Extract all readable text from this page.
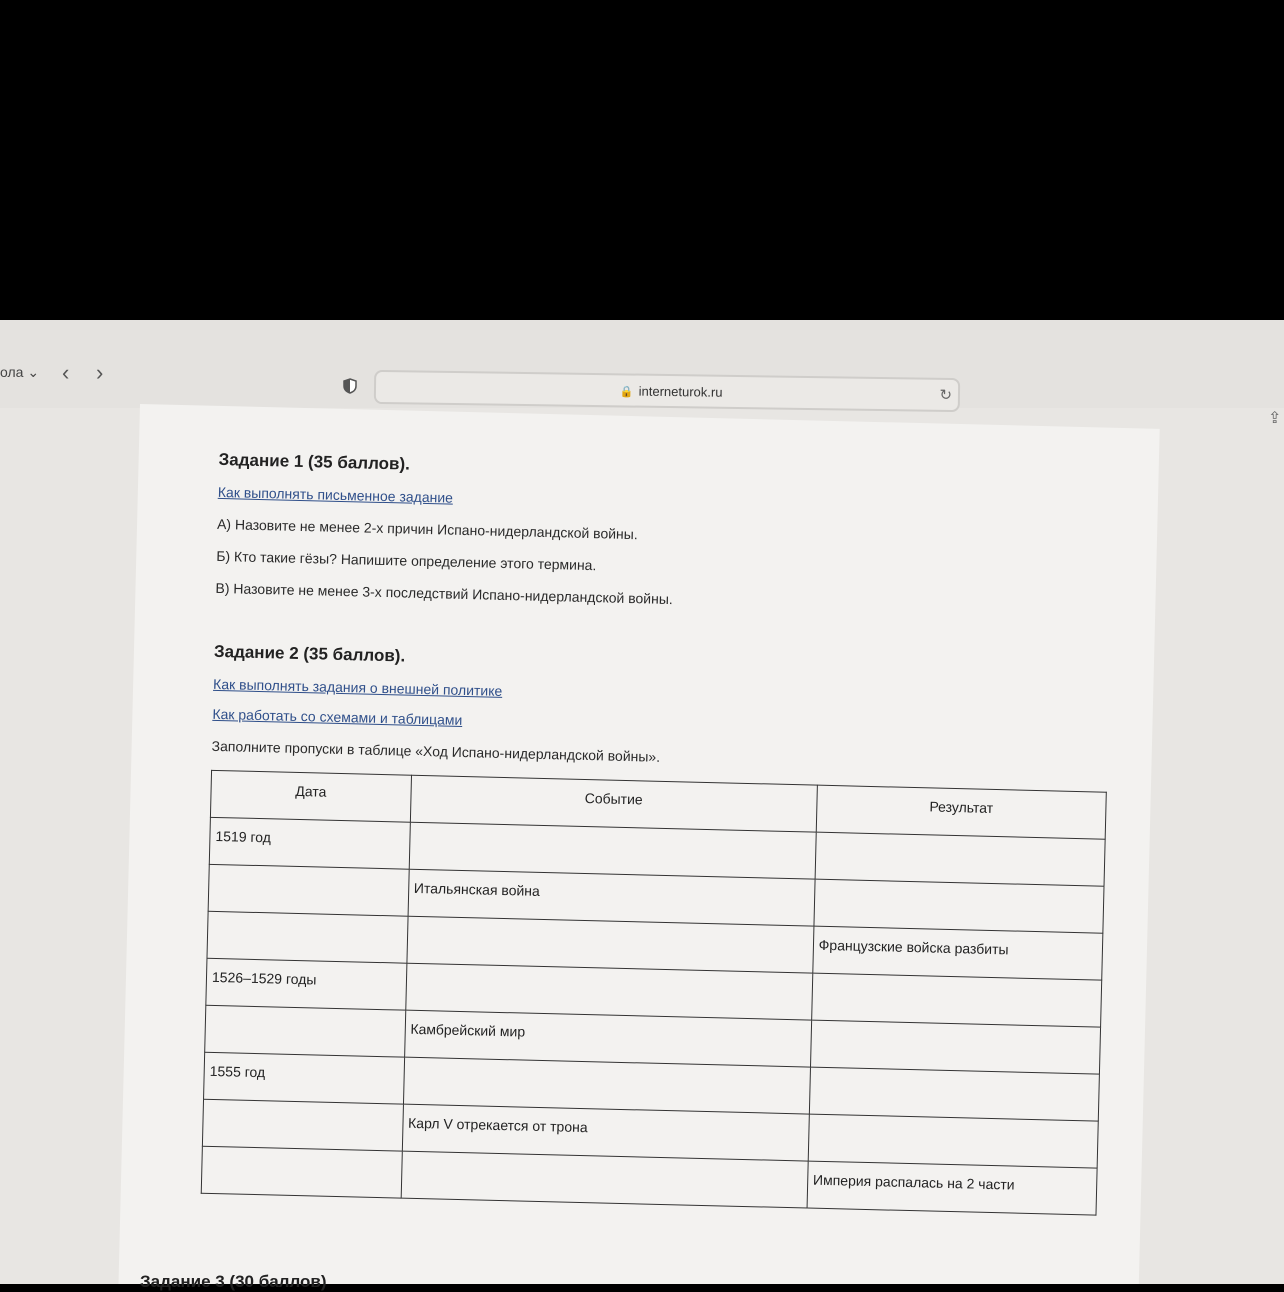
ола ⌄ ‹ ›
🔒 interneturok.ru	↻
⇪
Задание 1 (35 баллов).
Как выполнять письменное задание
А) Назовите не менее 2-х причин Испано-нидерландской войны.
Б) Кто такие гёзы? Напишите определение этого термина.
В) Назовите не менее 3-х последствий Испано-нидерландской войны.
Задание 2 (35 баллов).
Как выполнять задания о внешней политике
Как работать со схемами и таблицами
Заполните пропуски в таблице «Ход Испано-нидерландской войны».
Дата	Событие	Результат
1519 год		
	Итальянская война	
		Французские войска разбиты
1526–1529 годы		
	Камбрейский мир	
1555 год		
	Карл V отрекается от трона	
		Империя распалась на 2 части
Задание 3 (30 баллов)
